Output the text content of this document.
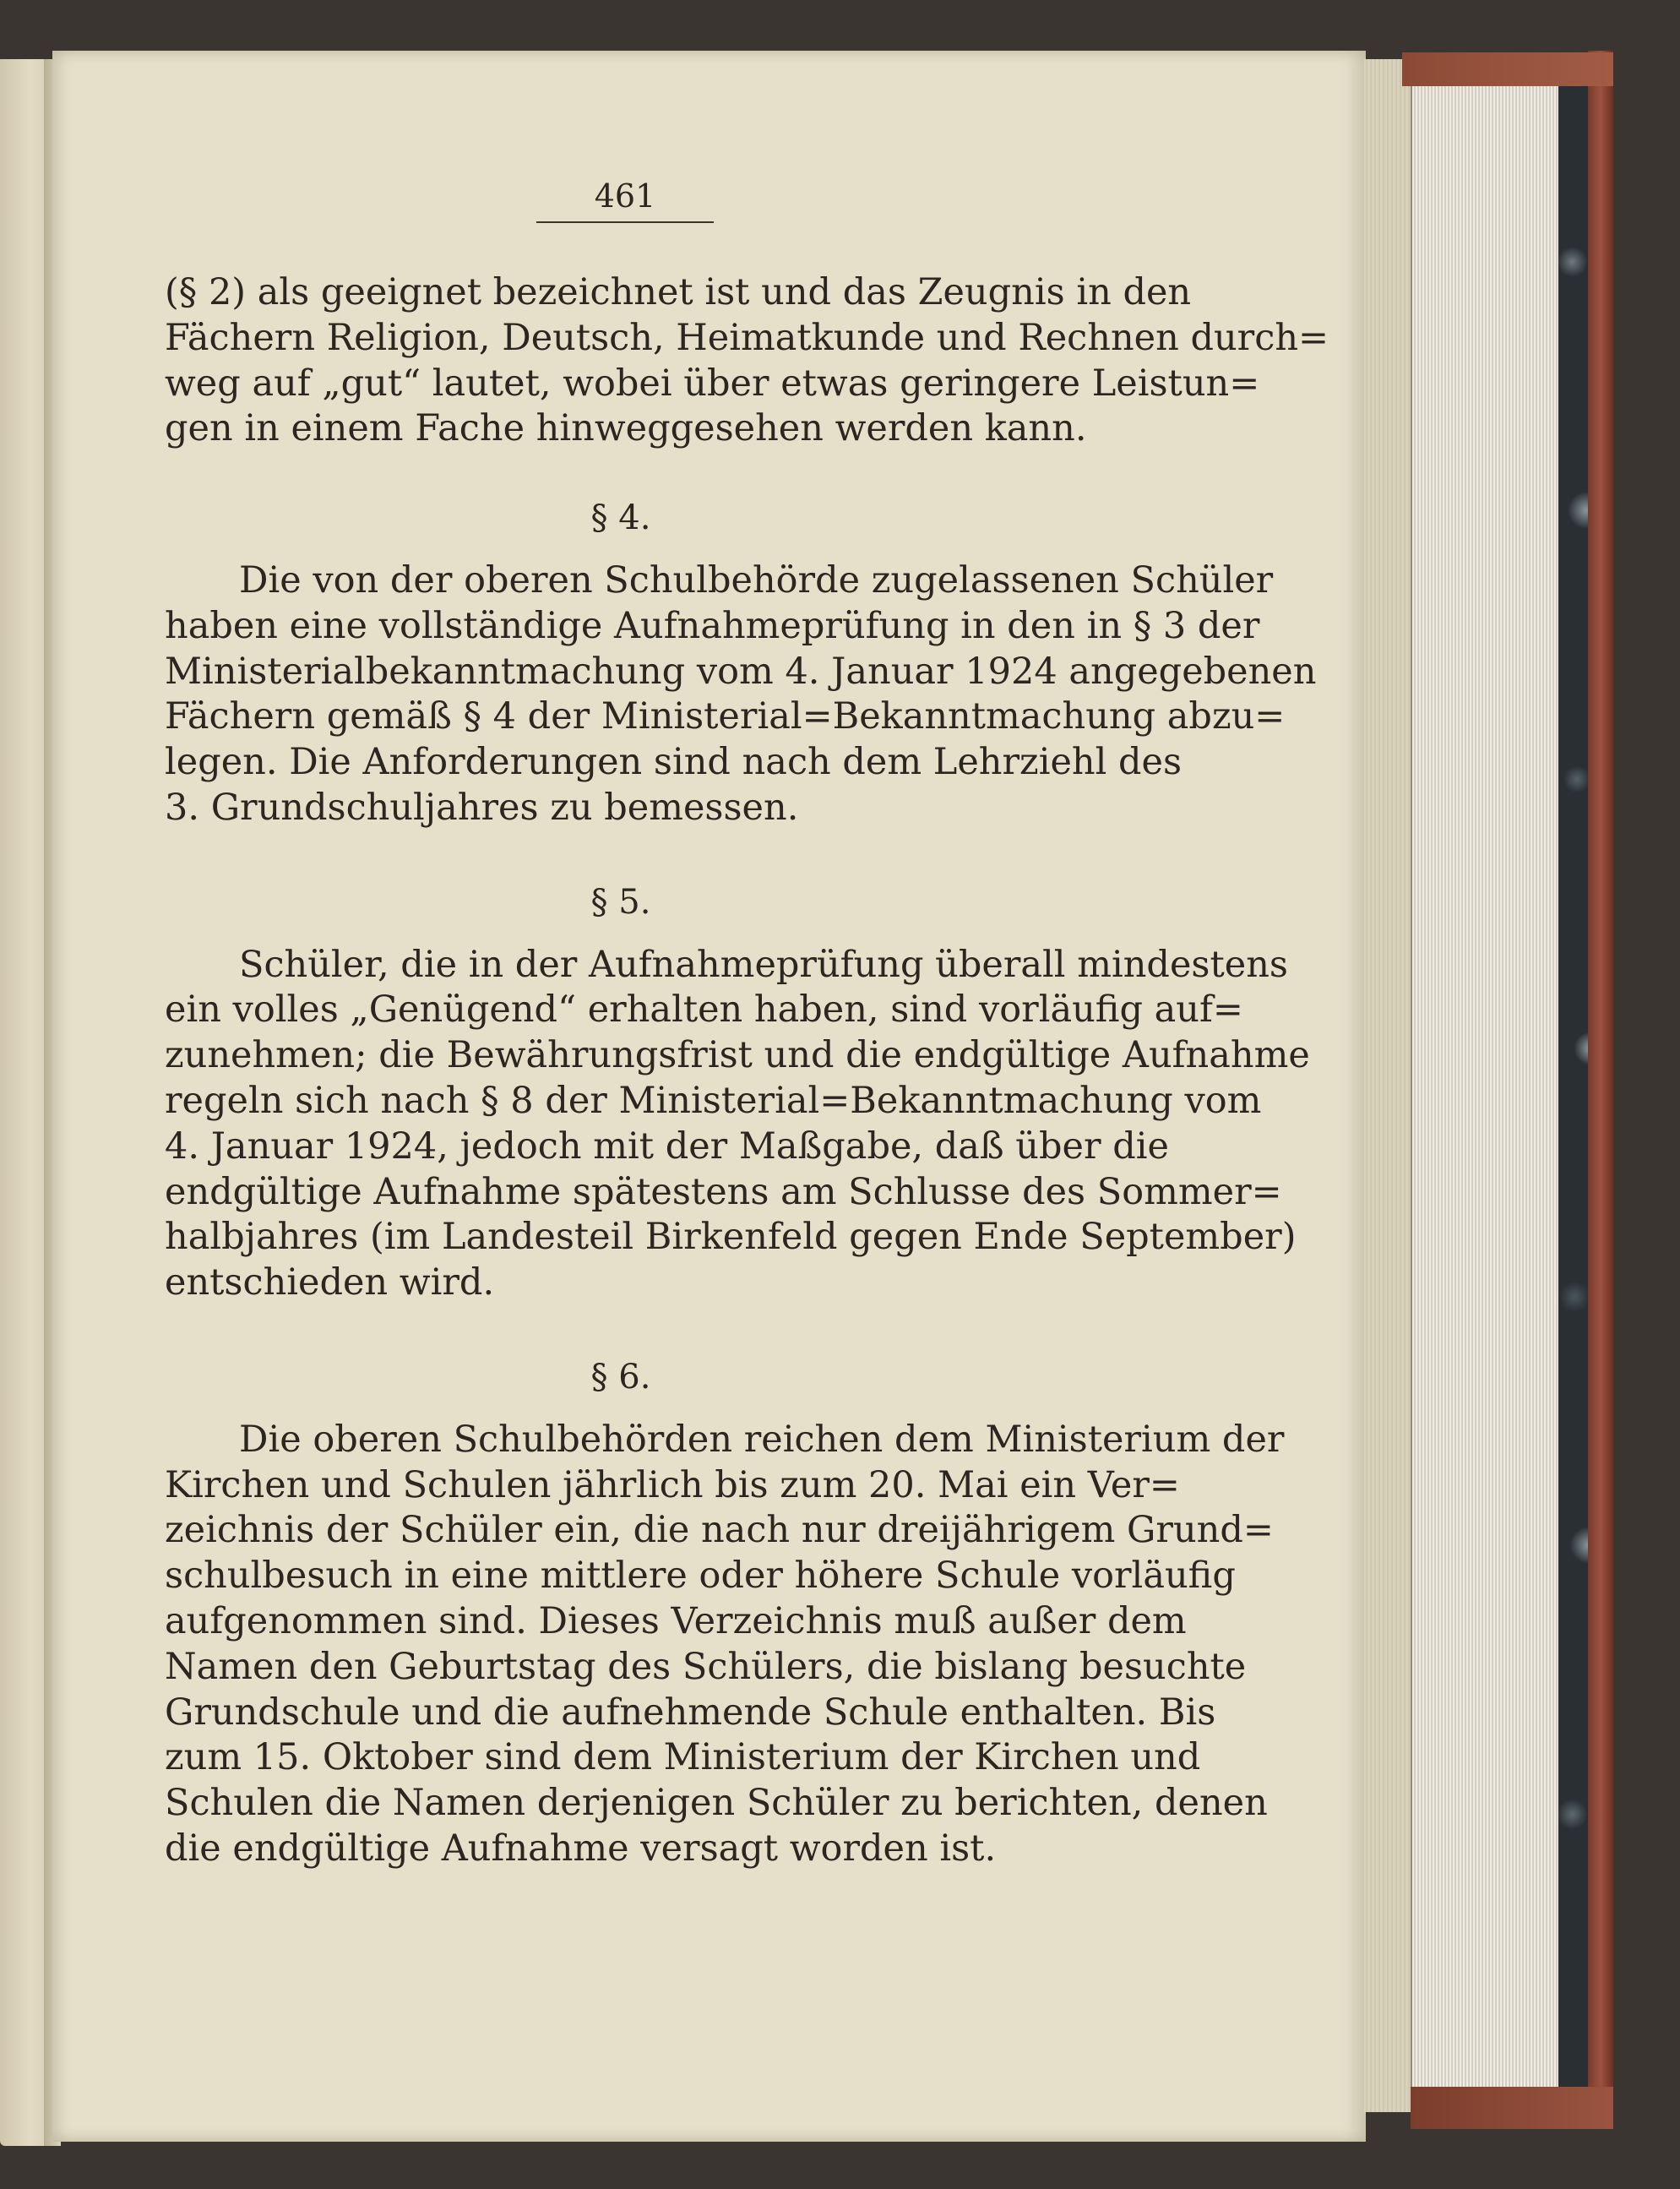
461

(§ 2) als geeignet bezeichnet ist und das Zeugnis in den
Fächern Religion, Deutsch, Heimatkunde und Rechnen durch=
weg auf „gut“ lautet, wobei über etwas geringere Leistun=
gen in einem Fache hinweggesehen werden kann.

§ 4.

Die von der oberen Schulbehörde zugelassenen Schüler
haben eine vollständige Aufnahmeprüfung in den in § 3 der
Ministerialbekanntmachung vom 4. Januar 1924 angegebenen
Fächern gemäß § 4 der Ministerial=Bekanntmachung abzu=
legen. Die Anforderungen sind nach dem Lehrziehl des
3. Grundschuljahres zu bemessen.

§ 5.

Schüler, die in der Aufnahmeprüfung überall mindestens
ein volles „Genügend“ erhalten haben, sind vorläufig auf=
zunehmen; die Bewährungsfrist und die endgültige Aufnahme
regeln sich nach § 8 der Ministerial=Bekanntmachung vom
4. Januar 1924, jedoch mit der Maßgabe, daß über die
endgültige Aufnahme spätestens am Schlusse des Sommer=
halbjahres (im Landesteil Birkenfeld gegen Ende September)
entschieden wird.

§ 6.

Die oberen Schulbehörden reichen dem Ministerium der
Kirchen und Schulen jährlich bis zum 20. Mai ein Ver=
zeichnis der Schüler ein, die nach nur dreijährigem Grund=
schulbesuch in eine mittlere oder höhere Schule vorläufig
aufgenommen sind. Dieses Verzeichnis muß außer dem
Namen den Geburtstag des Schülers, die bislang besuchte
Grundschule und die aufnehmende Schule enthalten. Bis
zum 15. Oktober sind dem Ministerium der Kirchen und
Schulen die Namen derjenigen Schüler zu berichten, denen
die endgültige Aufnahme versagt worden ist.
